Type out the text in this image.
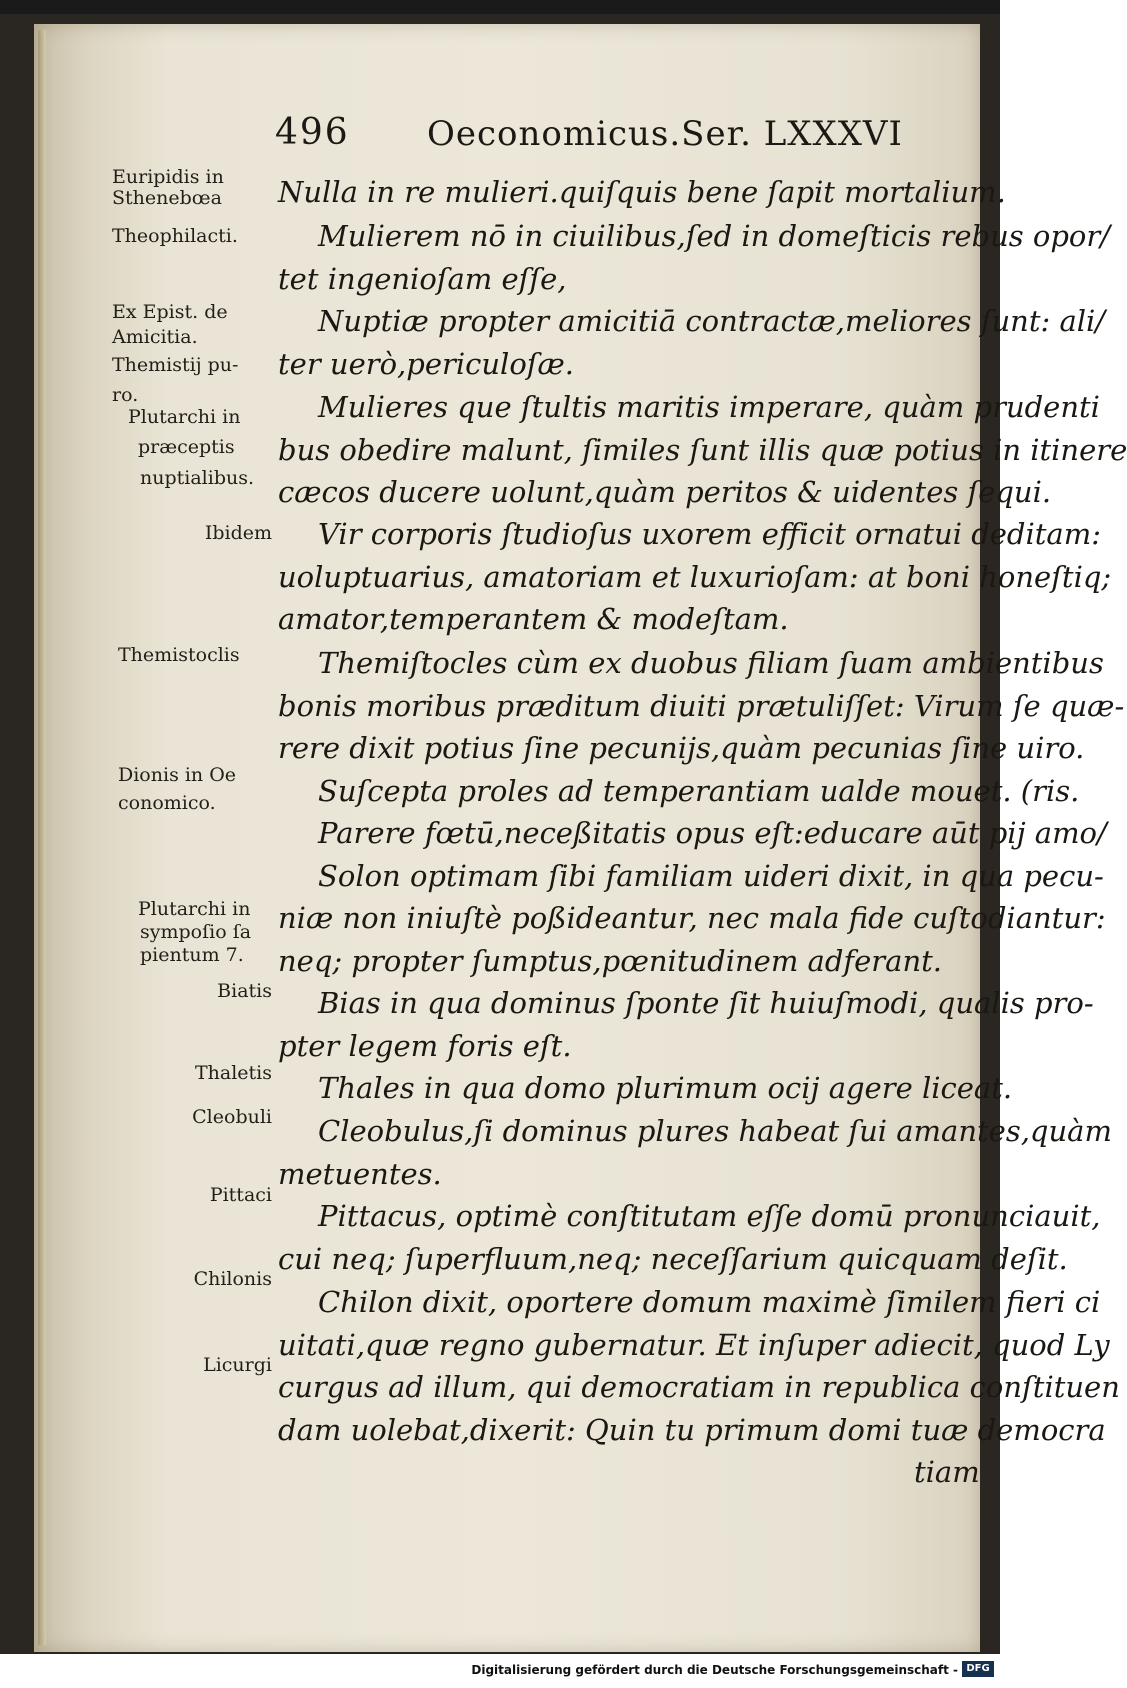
496 Oeconomicus.Ser. LXXXVI
Euripidis in
Sthenebœa
Theophilacti.
Ex Epist. de
Amicitia.
Themistij pu-
ro.
Plutarchi in
præceptis
nuptialibus.
Ibidem
Themistoclis
Dionis in Oe
conomico.
Plutarchi in
sympoſio ſa
pientum 7.
Biatis
Thaletis
Cleobuli
Pittaci
Chilonis
Licurgi
Nulla in re mulieri.quiſquis bene ſapit mortalium.
Mulierem nō in ciuilibus,ſed in domeſticis rebus opor/
tet ingenioſam eſſe,
Nuptiæ propter amicitiā contractæ,meliores ſunt: ali/
ter uerò,periculoſæ.
Mulieres que ſtultis maritis imperare, quàm prudenti
bus obedire malunt, ſimiles ſunt illis quæ potius in itinere
cæcos ducere uolunt,quàm peritos & uidentes ſequi.
Vir corporis ſtudioſus uxorem efficit ornatui deditam:
uoluptuarius, amatoriam et luxurioſam: at boni honeſtiq;
amator,temperantem & modeſtam.
Themiſtocles cùm ex duobus filiam ſuam ambientibus
bonis moribus præditum diuiti prætuliſſet: Virum ſe quæ-
rere dixit potius ſine pecunijs,quàm pecunias ſine uiro.
Suſcepta proles ad temperantiam ualde mouet. (ris.
Parere fœtū,neceßitatis opus eſt:educare aūt pij amo/
Solon optimam ſibi familiam uideri dixit, in qua pecu-
niæ non iniuſtè poßideantur, nec mala fide cuſtodiantur:
neq; propter ſumptus,pœnitudinem adferant.
Bias in qua dominus ſponte ſit huiuſmodi, qualis pro-
pter legem foris eſt.
Thales in qua domo plurimum ocij agere liceat.
Cleobulus,ſi dominus plures habeat ſui amantes,quàm
metuentes.
Pittacus, optimè conſtitutam eſſe domū pronunciauit,
cui neq; ſuperfluum,neq; neceſſarium quicquam deſit.
Chilon dixit, oportere domum maximè ſimilem fieri ci
uitati,quæ regno gubernatur. Et inſuper adiecit, quod Ly
curgus ad illum, qui democratiam in republica conſtituen
dam uolebat,dixerit: Quin tu primum domi tuæ democra
tiam
Digitalisierung gefördert durch die Deutsche Forschungsgemeinschaft - DFG
